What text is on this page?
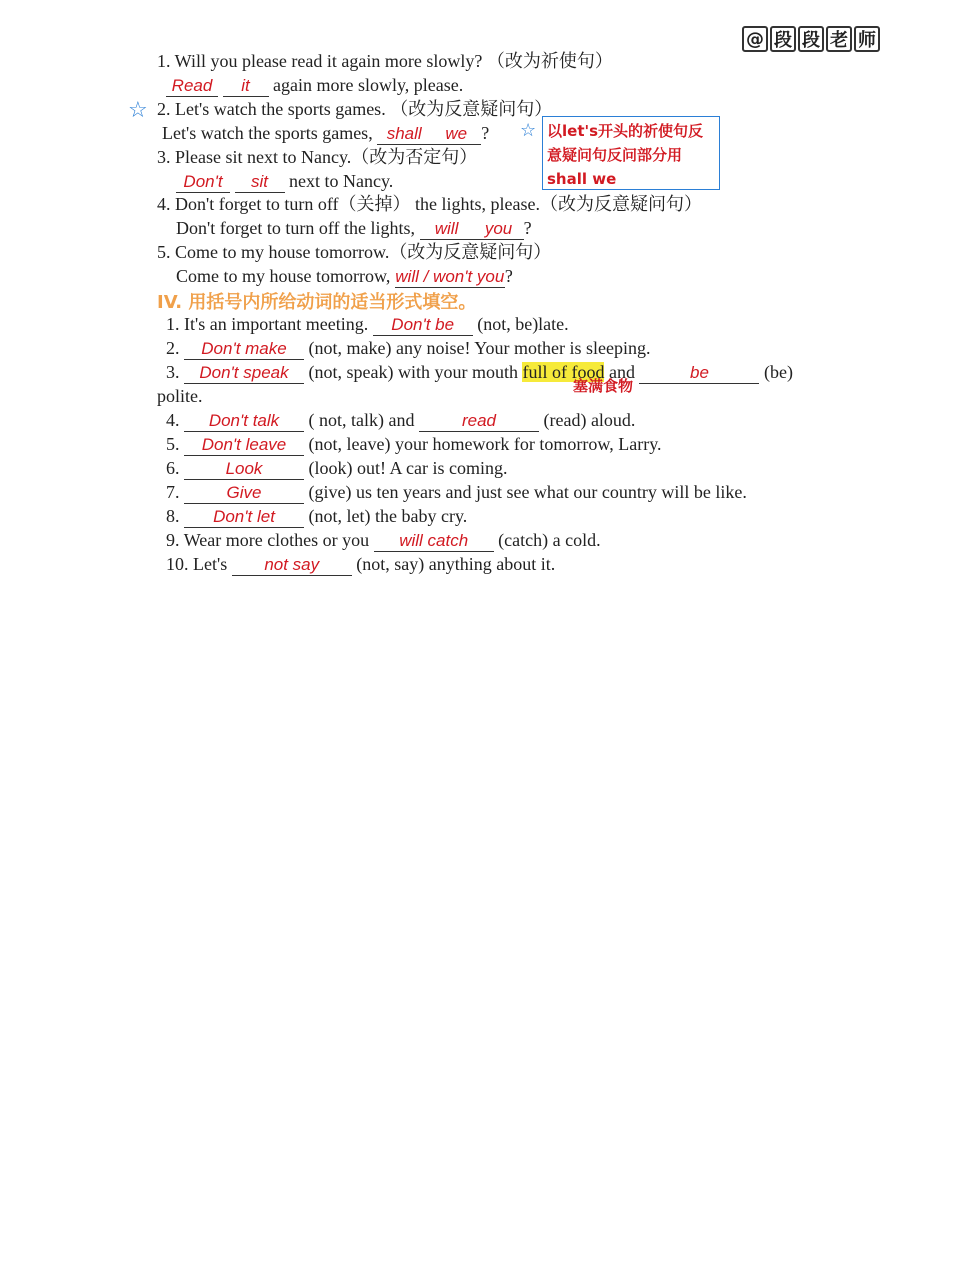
@ 段 段 老 师
1. Will you please read it again more slowly? （改为祈使句）
Read it again more slowly, please.
☆ 2. Let's watch the sports games. （改为反意疑问句）
Let's watch the sports games, shall we ? ☆ 以let's开头的祈使句反
意疑问句反问部分用
shall we
3. Please sit next to Nancy.（改为否定句）
Don't sit next to Nancy.
4. Don't forget to turn off（关掉） the lights, please.（改为反意疑问句）
Don't forget to turn off the lights, will you ?
5. Come to my house tomorrow.（改为反意疑问句）
Come to my house tomorrow, will / won't you?
IV. 用括号内所给动词的适当形式填空。
1. It's an important meeting. Don't be (not, be)late.
2. Don't make (not, make) any noise! Your mother is sleeping.
3. Don't speak (not, speak) with your mouth full of food and	be	(be)
塞满食物
polite.
4. Don't talk ( not, talk) and	read	(read) aloud.
5. Don't leave (not, leave) your homework for tomorrow, Larry.
6.	Look	(look) out! A car is coming.
7.	Give	(give) us ten years and just see what our country will be like.
8. Don't let (not, let) the baby cry.
9. Wear more clothes or you will catch (catch) a cold.
10. Let's not say (not, say) anything about it.
